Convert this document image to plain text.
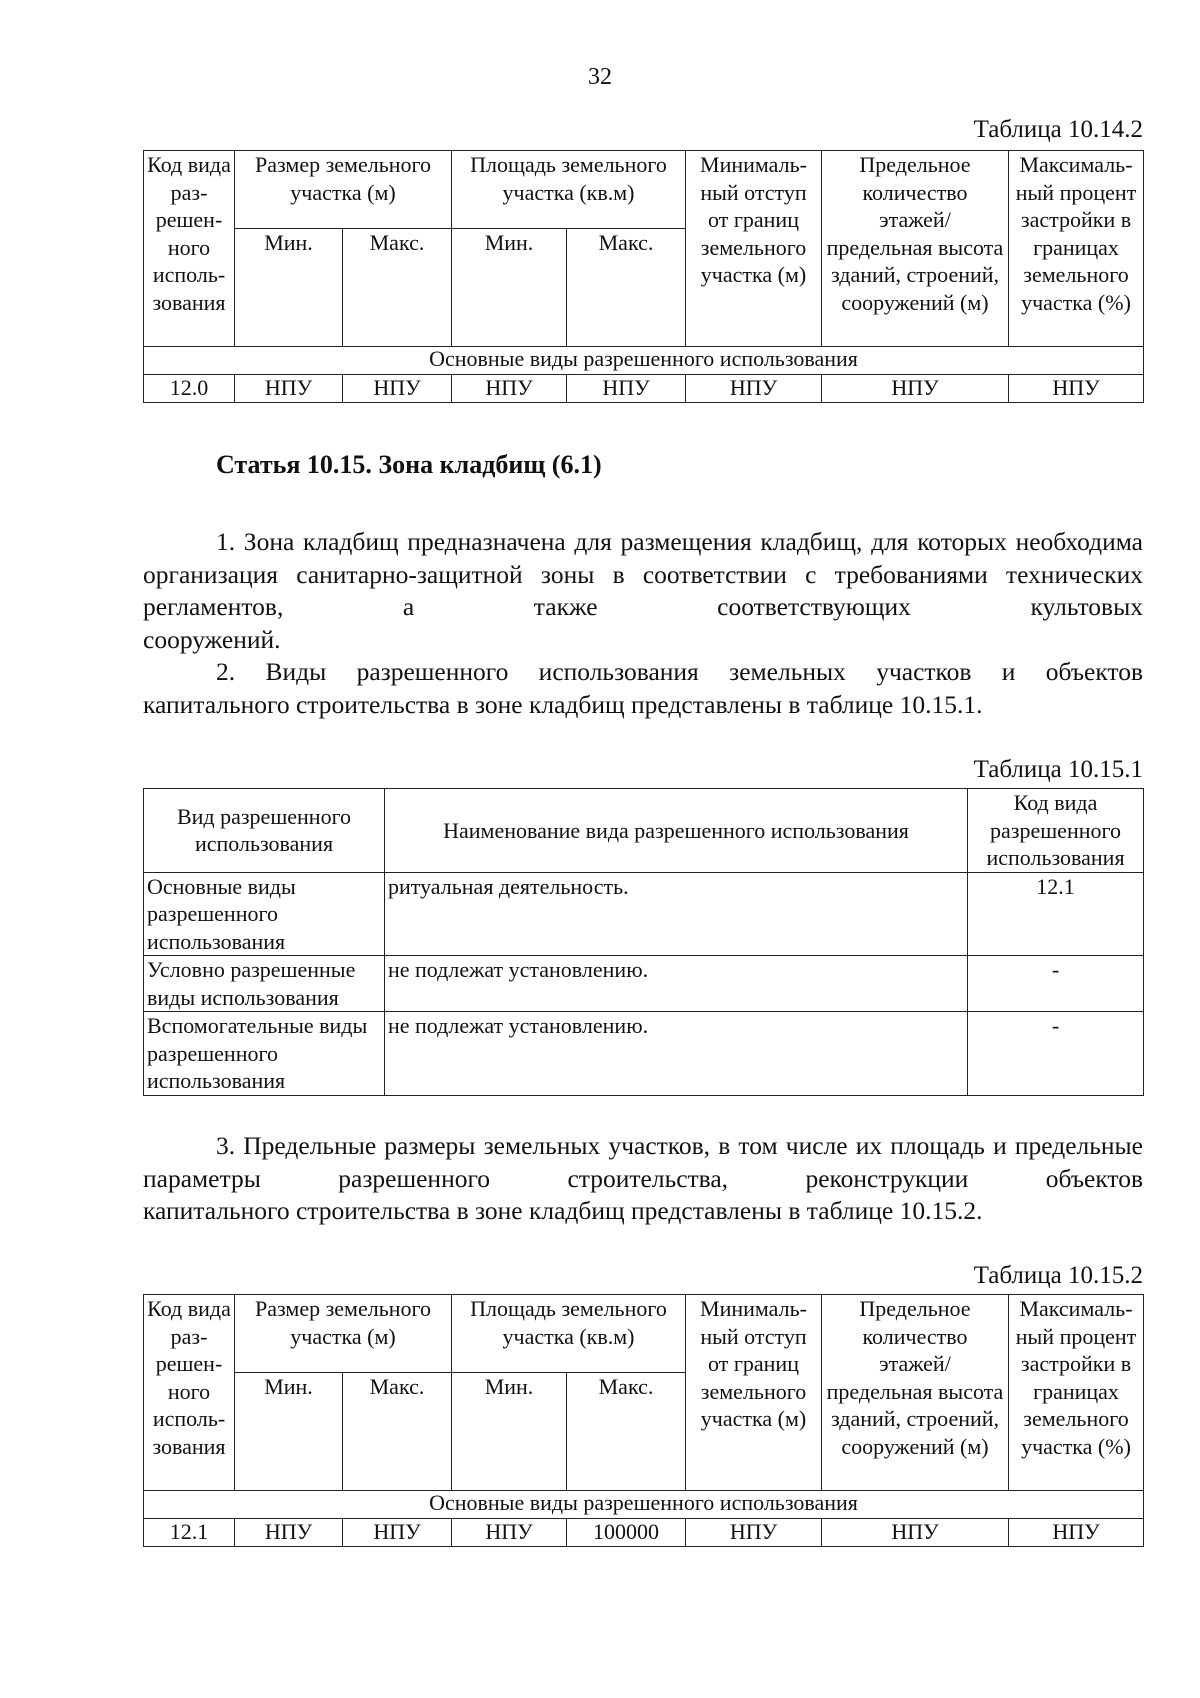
32
Таблица 10.14.2
Код вида раз- решен- ного исполь- зования	Размер земельного участка (м)		Площадь земельного участка (кв.м)		Минималь- ный отступ от границ земельного участка (м)	Предельное количество этажей/ предельная высота зданий, строений, сооружений (м)	Максималь- ный процент застройки в границах земельного участка (%)
	Мин.	Макс.	Мин.	Макс.			
Основные виды разрешенного использования							
12.0	НПУ	НПУ	НПУ	НПУ	НПУ	НПУ	НПУ
Статья 10.15. Зона кладбищ (6.1)

1. Зона кладбищ предназначена для размещения кладбищ, для которых необходима организация санитарно-защитной зоны в соответствии с требованиями технических регламентов, а также соответствующих культовых

сооружений.

2. Виды разрешенного использования земельных участков и объектов

капитального строительства в зоне кладбищ представлены в таблице 10.15.1.
Таблица 10.15.1
Вид разрешенного использования	Наименование вида разрешенного использования	Код вида разрешенного использования
Основные виды разрешенного использования	ритуальная деятельность.	12.1
Условно разрешенные виды использования	не подлежат установлению.	-
Вспомогательные виды разрешенного использования	не подлежат установлению.	-

3. Предельные размеры земельных участков, в том числе их площадь и предельные параметры разрешенного строительства, реконструкции объектов

капитального строительства в зоне кладбищ представлены в таблице 10.15.2.
Таблица 10.15.2
Код вида раз- решен- ного исполь- зования	Размер земельного участка (м)		Площадь земельного участка (кв.м)		Минималь- ный отступ от границ земельного участка (м)	Предельное количество этажей/ предельная высота зданий, строений, сооружений (м)	Максималь- ный процент застройки в границах земельного участка (%)
	Мин.	Макс.	Мин.	Макс.			
Основные виды разрешенного использования							
12.1	НПУ	НПУ	НПУ	100000	НПУ	НПУ	НПУ
